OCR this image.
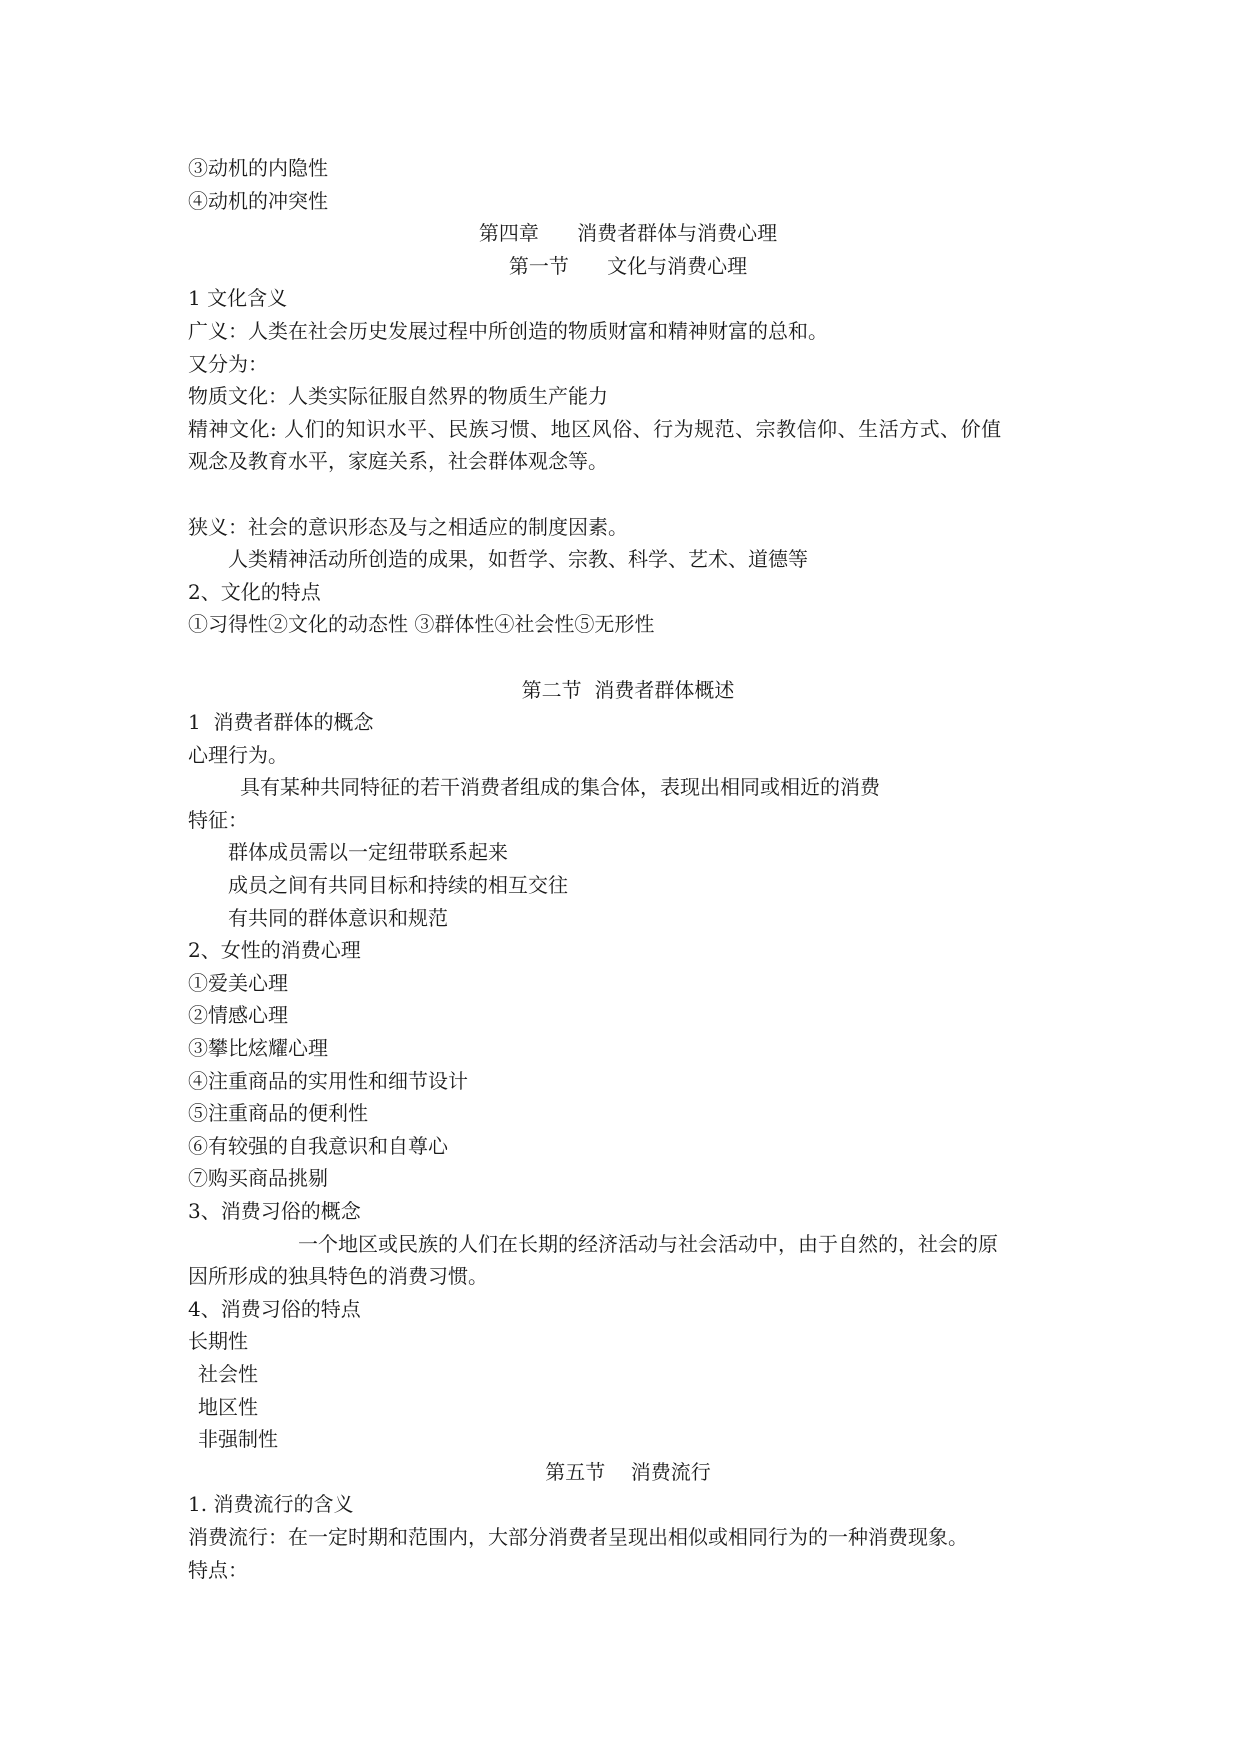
③动机的内隐性
④动机的冲突性
第四章      消费者群体与消费心理
第一节      文化与消费心理
1 文化含义
广义：人类在社会历史发展过程中所创造的物质财富和精神财富的总和。
又分为：
物质文化：人类实际征服自然界的物质生产能力
精神文化: 人们的知识水平、民族习惯、地区风俗、行为规范、宗教信仰、生活方式、价值
观念及教育水平，家庭关系，社会群体观念等。
狭义：社会的意识形态及与之相适应的制度因素。
人类精神活动所创造的成果，如哲学、宗教、科学、艺术、道德等
2、文化的特点
①习得性②文化的动态性 ③群体性④社会性⑤无形性
第二节  消费者群体概述
1  消费者群体的概念
心理行为。
具有某种共同特征的若干消费者组成的集合体，表现出相同或相近的消费
特征：
群体成员需以一定纽带联系起来
成员之间有共同目标和持续的相互交往
有共同的群体意识和规范
2、女性的消费心理
①爱美心理
②情感心理
③攀比炫耀心理
④注重商品的实用性和细节设计
⑤注重商品的便利性
⑥有较强的自我意识和自尊心
⑦购买商品挑剔
3、消费习俗的概念
一个地区或民族的人们在长期的经济活动与社会活动中，由于自然的，社会的原
因所形成的独具特色的消费习惯。
4、消费习俗的特点
长期性
社会性
地区性
非强制性
第五节    消费流行
1. 消费流行的含义
消费流行：在一定时期和范围内，大部分消费者呈现出相似或相同行为的一种消费现象。
特点：
